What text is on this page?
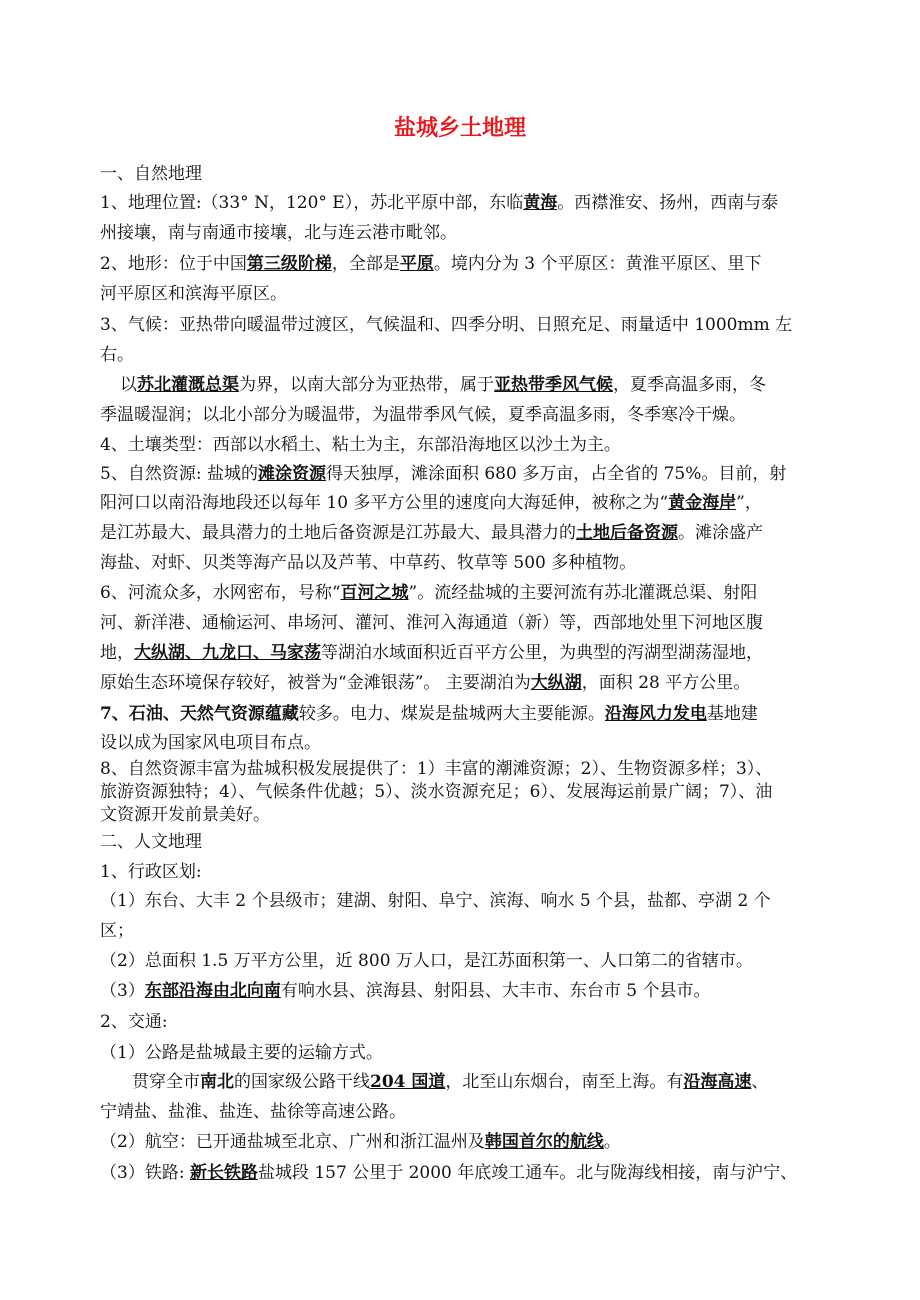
盐城乡土地理
一、自然地理
1、地理位置:（33° N，120° E），苏北平原中部，东临黄海。西襟淮安、扬州，西南与泰
州接壤，南与南通市接壤，北与连云港市毗邻。
2、地形：位于中国第三级阶梯，全部是平原。境内分为 3 个平原区：黄淮平原区、里下
河平原区和滨海平原区。
3、气候：亚热带向暖温带过渡区，气候温和、四季分明、日照充足、雨量适中 1000mm 左
右。
以苏北灌溉总渠为界，以南大部分为亚热带，属于亚热带季风气候，夏季高温多雨，冬
季温暖湿润；以北小部分为暖温带，为温带季风气候，夏季高温多雨，冬季寒冷干燥。
4、土壤类型：西部以水稻土、粘土为主，东部沿海地区以沙土为主。
5、自然资源: 盐城的滩涂资源得天独厚，滩涂面积 680 多万亩，占全省的 75%。目前，射
阳河口以南沿海地段还以每年 10 多平方公里的速度向大海延伸，被称之为“黄金海岸”，
是江苏最大、最具潜力的土地后备资源是江苏最大、最具潜力的土地后备资源。滩涂盛产
海盐、对虾、贝类等海产品以及芦苇、中草药、牧草等 500 多种植物。
6、河流众多，水网密布，号称“百河之城”。流经盐城的主要河流有苏北灌溉总渠、射阳
河、新洋港、通榆运河、串场河、灌河、淮河入海通道（新）等，西部地处里下河地区腹
地，大纵湖、九龙口、马家荡等湖泊水域面积近百平方公里，为典型的泻湖型湖荡湿地，
原始生态环境保存较好，被誉为“金滩银荡”。 主要湖泊为大纵湖，面积 28 平方公里。
7、石油、天然气资源蕴藏较多。电力、煤炭是盐城两大主要能源。沿海风力发电基地建
设以成为国家风电项目布点。
8、自然资源丰富为盐城积极发展提供了：1）丰富的潮滩资源；2）、生物资源多样；3）、
旅游资源独特；4）、气候条件优越；5）、淡水资源充足；6）、发展海运前景广阔；7）、油
文资源开发前景美好。
二、人文地理
1、行政区划:
（1）东台、大丰 2 个县级市；建湖、射阳、阜宁、滨海、响水 5 个县，盐都、亭湖 2 个
区；
（2）总面积 1.5 万平方公里，近 800 万人口，是江苏面积第一、人口第二的省辖市。
（3）东部沿海由北向南有响水县、滨海县、射阳县、大丰市、东台市 5 个县市。
2、交通:
（1）公路是盐城最主要的运输方式。
贯穿全市南北的国家级公路干线204 国道，北至山东烟台，南至上海。有沿海高速、
宁靖盐、盐淮、盐连、盐徐等高速公路。
（2）航空：已开通盐城至北京、广州和浙江温州及韩国首尔的航线。
（3）铁路: 新长铁路盐城段 157 公里于 2000 年底竣工通车。北与陇海线相接，南与沪宁、
